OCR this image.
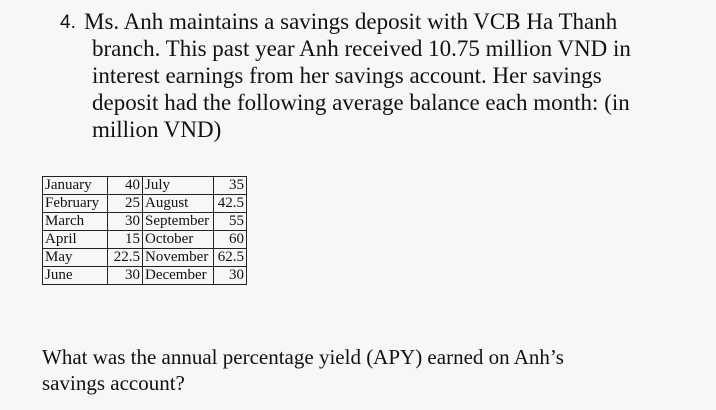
4. Ms. Anh maintains a savings deposit with VCB Ha Thanh
branch. This past year Anh received 10.75 million VND in
interest earnings from her savings account. Her savings
deposit had the following average balance each month: (in
million VND)
January	40	July	35
February	25	August	42.5
March	30	September	55
April	15	October	60
May	22.5	November	62.5
June	30	December	30
What was the annual percentage yield (APY) earned on Anh’s
savings account?
